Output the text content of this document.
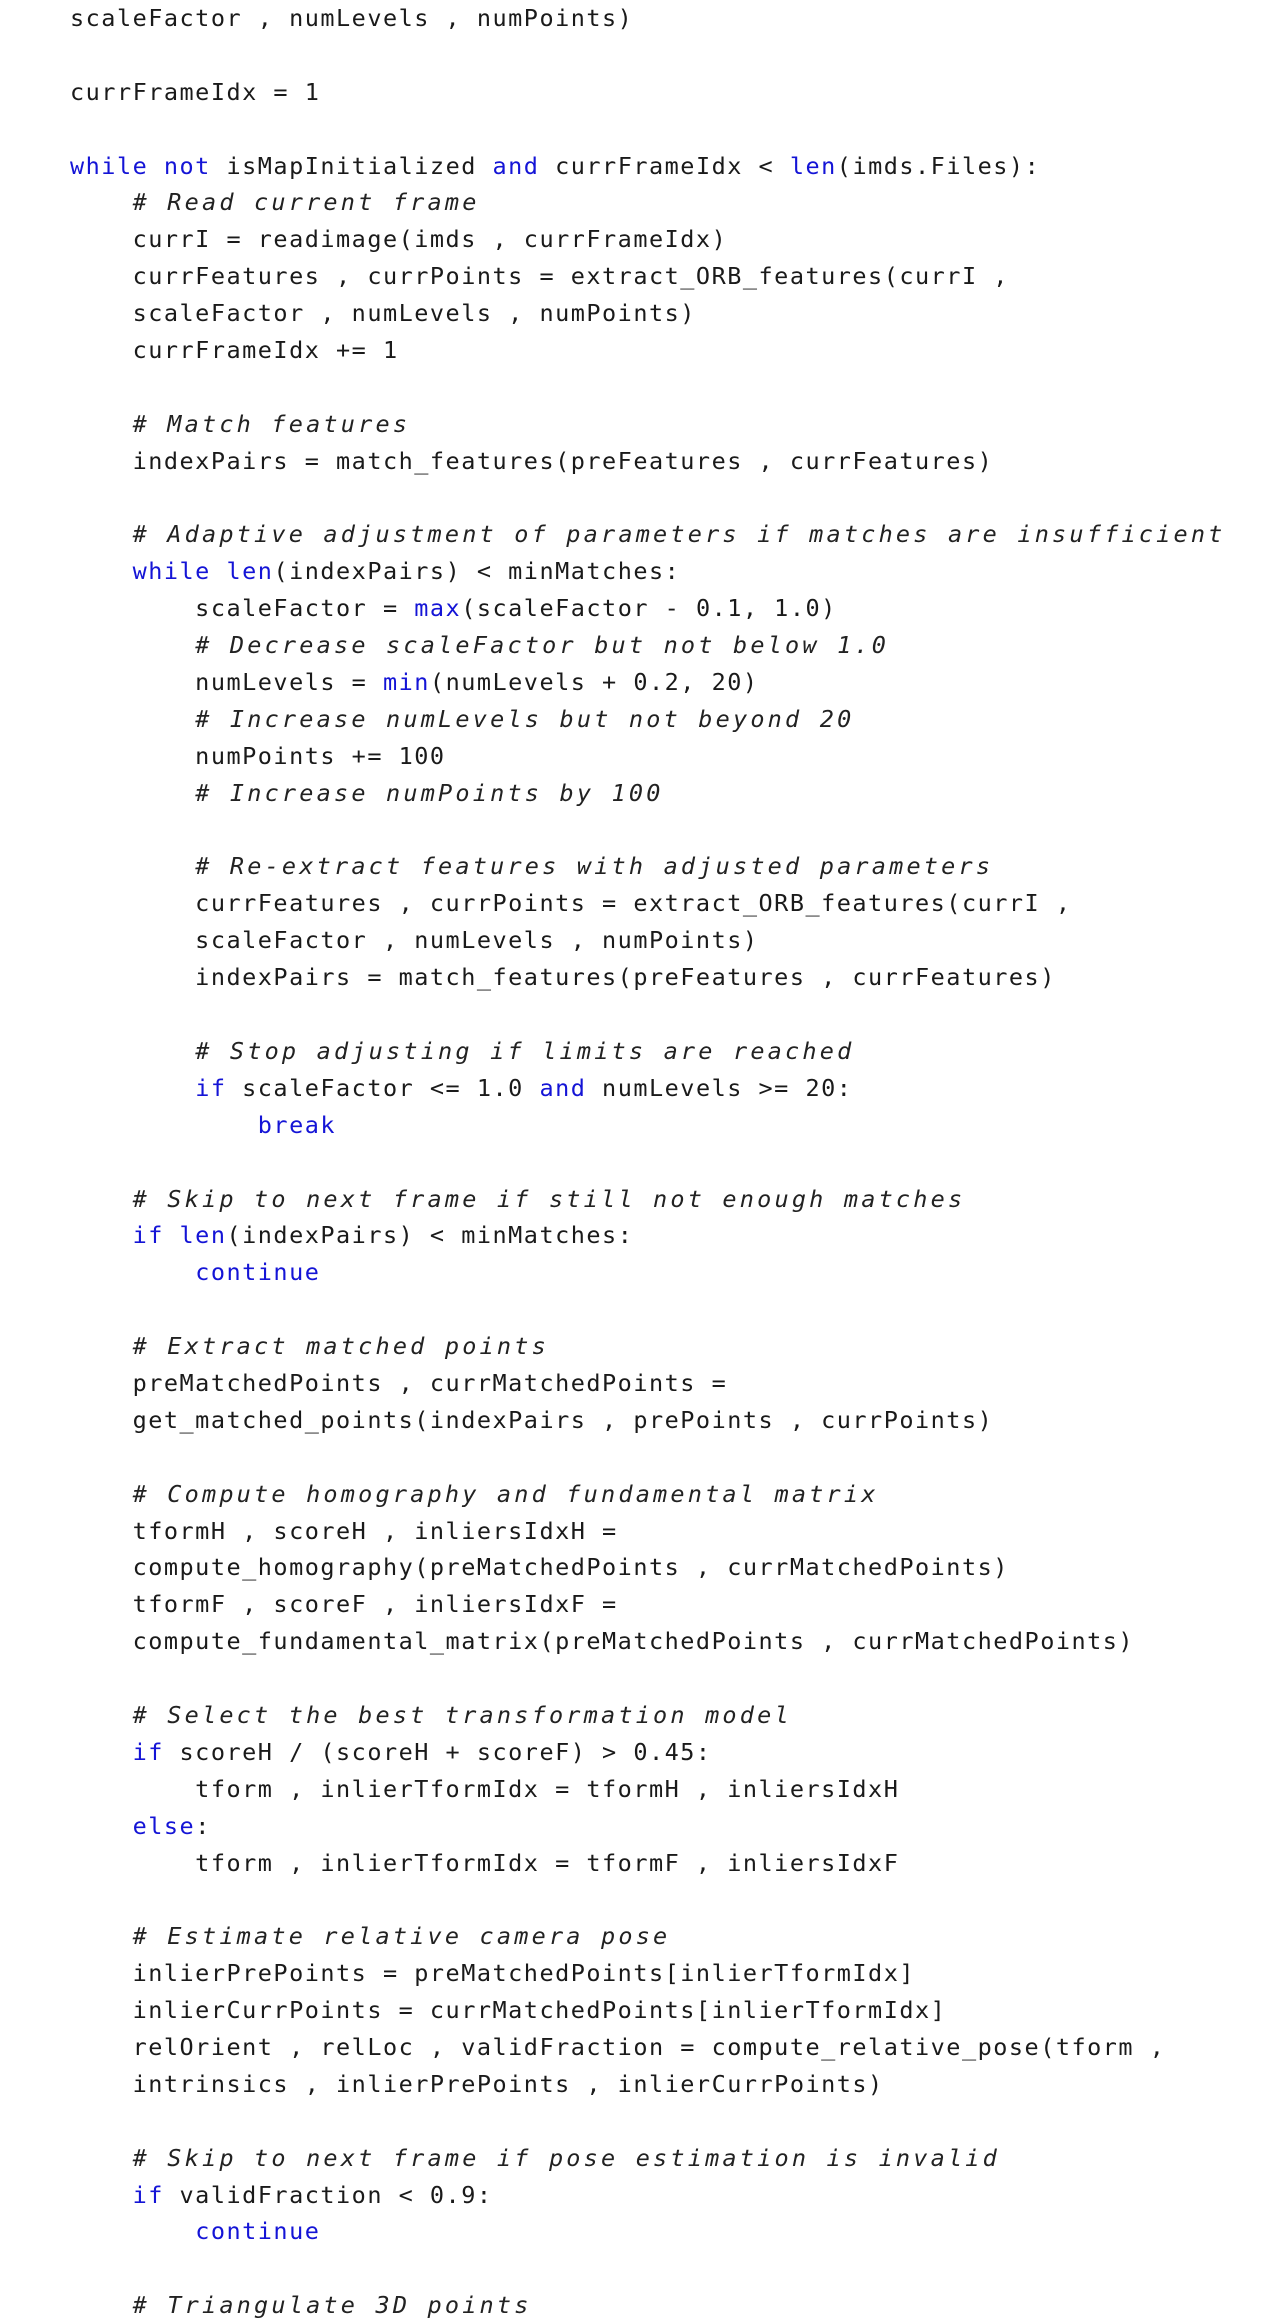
scaleFactor , numLevels , numPoints)

currFrameIdx = 1

while not isMapInitialized and currFrameIdx < len(imds.Files):
# Read current frame
currI = readimage(imds , currFrameIdx)
currFeatures , currPoints = extract_ORB_features(currI ,
scaleFactor , numLevels , numPoints)
currFrameIdx += 1

# Match features
indexPairs = match_features(preFeatures , currFeatures)

# Adaptive adjustment of parameters if matches are insufficient
while len(indexPairs) < minMatches:
scaleFactor = max(scaleFactor - 0.1, 1.0)
# Decrease scaleFactor but not below 1.0
numLevels = min(numLevels + 0.2, 20)
# Increase numLevels but not beyond 20
numPoints += 100
# Increase numPoints by 100

# Re-extract features with adjusted parameters
currFeatures , currPoints = extract_ORB_features(currI ,
scaleFactor , numLevels , numPoints)
indexPairs = match_features(preFeatures , currFeatures)

# Stop adjusting if limits are reached
if scaleFactor <= 1.0 and numLevels >= 20:
break

# Skip to next frame if still not enough matches
if len(indexPairs) < minMatches:
continue

# Extract matched points
preMatchedPoints , currMatchedPoints =
get_matched_points(indexPairs , prePoints , currPoints)

# Compute homography and fundamental matrix
tformH , scoreH , inliersIdxH =
compute_homography(preMatchedPoints , currMatchedPoints)
tformF , scoreF , inliersIdxF =
compute_fundamental_matrix(preMatchedPoints , currMatchedPoints)

# Select the best transformation model
if scoreH / (scoreH + scoreF) > 0.45:
tform , inlierTformIdx = tformH , inliersIdxH
else:
tform , inlierTformIdx = tformF , inliersIdxF

# Estimate relative camera pose
inlierPrePoints = preMatchedPoints[inlierTformIdx]
inlierCurrPoints = currMatchedPoints[inlierTformIdx]
relOrient , relLoc , validFraction = compute_relative_pose(tform ,
intrinsics , inlierPrePoints , inlierCurrPoints)

# Skip to next frame if pose estimation is invalid
if validFraction < 0.9:
continue

# Triangulate 3D points
